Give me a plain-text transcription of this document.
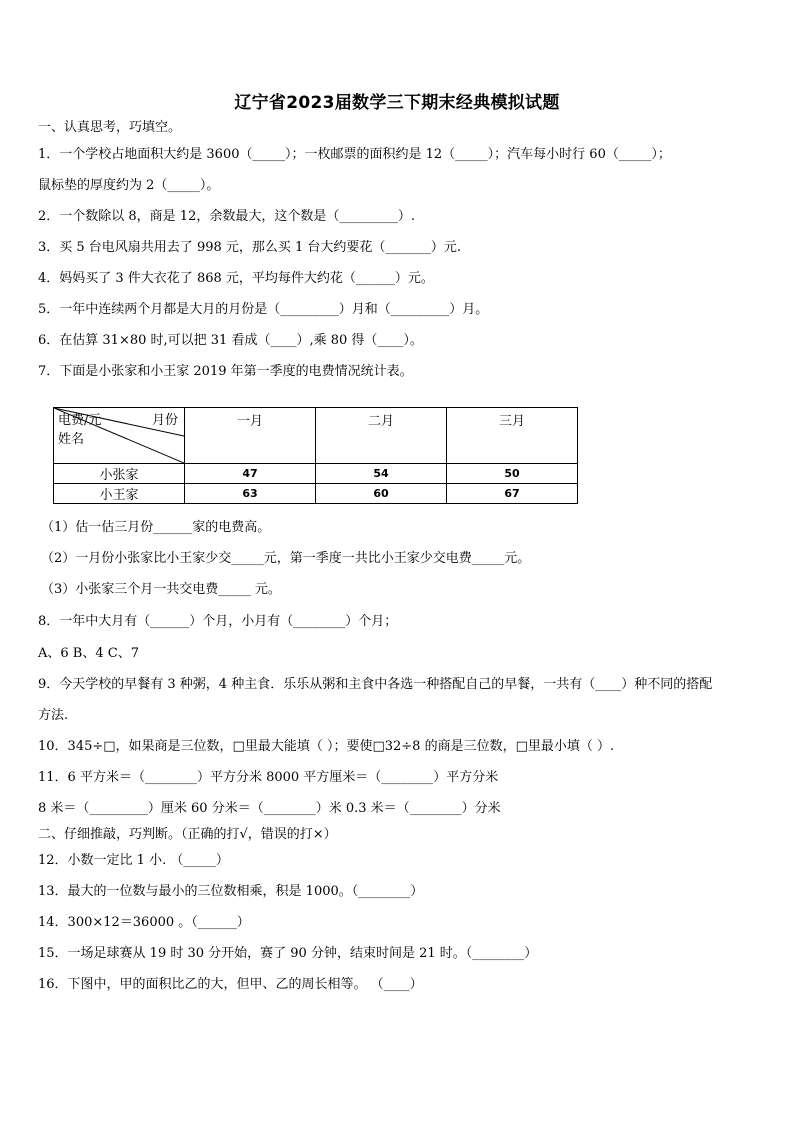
辽宁省2023届数学三下期末经典模拟试题
一、认真思考，巧填空。
1．一个学校占地面积大约是 3600（_____）；一枚邮票的面积约是 12（_____）；汽车每小时行 60（_____）；
鼠标垫的厚度约为 2（_____）。
2．一个数除以 8，商是 12，余数最大，这个数是（_________）.
3．买 5 台电风扇共用去了 998 元，那么买 1 台大约要花（_______）元.
4．妈妈买了 3 件大衣花了 868 元，平均每件大约花（______）元。
5．一年中连续两个月都是大月的月份是（_________）月和（_________）月。
6．在估算 31×80 时,可以把 31 看成（____）,乘 80 得（____）。
7．下面是小张家和小王家 2019 年第一季度的电费情况统计表。
电费/元 月份
姓名	一月	二月	三月
小张家	47	54	50
小王家	63	60	67
（1）估一估三月份______家的电费高。
（2）一月份小张家比小王家少交_____元，第一季度一共比小王家少交电费_____元。
（3）小张家三个月一共交电费_____ 元。
8．一年中大月有（______）个月，小月有（________）个月；
A、6 B、4 C、7
9．今天学校的早餐有 3 种粥，4 种主食．乐乐从粥和主食中各选一种搭配自己的早餐，一共有（____）种不同的搭配
方法.
10．345÷□，如果商是三位数，□里最大能填（ ）；要使□32÷8 的商是三位数，□里最小填（ ）.
11．6 平方米＝（________）平方分米 8000 平方厘米＝（________）平方分米
8 米＝（_________）厘米 60 分米＝（________）米 0.3 米＝（________）分米
二、仔细推敲，巧判断。（正确的打√，错误的打×）
12．小数一定比 1 小. （_____）
13．最大的一位数与最小的三位数相乘，积是 1000。（________）
14．300×12＝36000 。（______）
15．一场足球赛从 19 时 30 分开始，赛了 90 分钟，结束时间是 21 时。（________）
16．下图中，甲的面积比乙的大，但甲、乙的周长相等。 （____）
